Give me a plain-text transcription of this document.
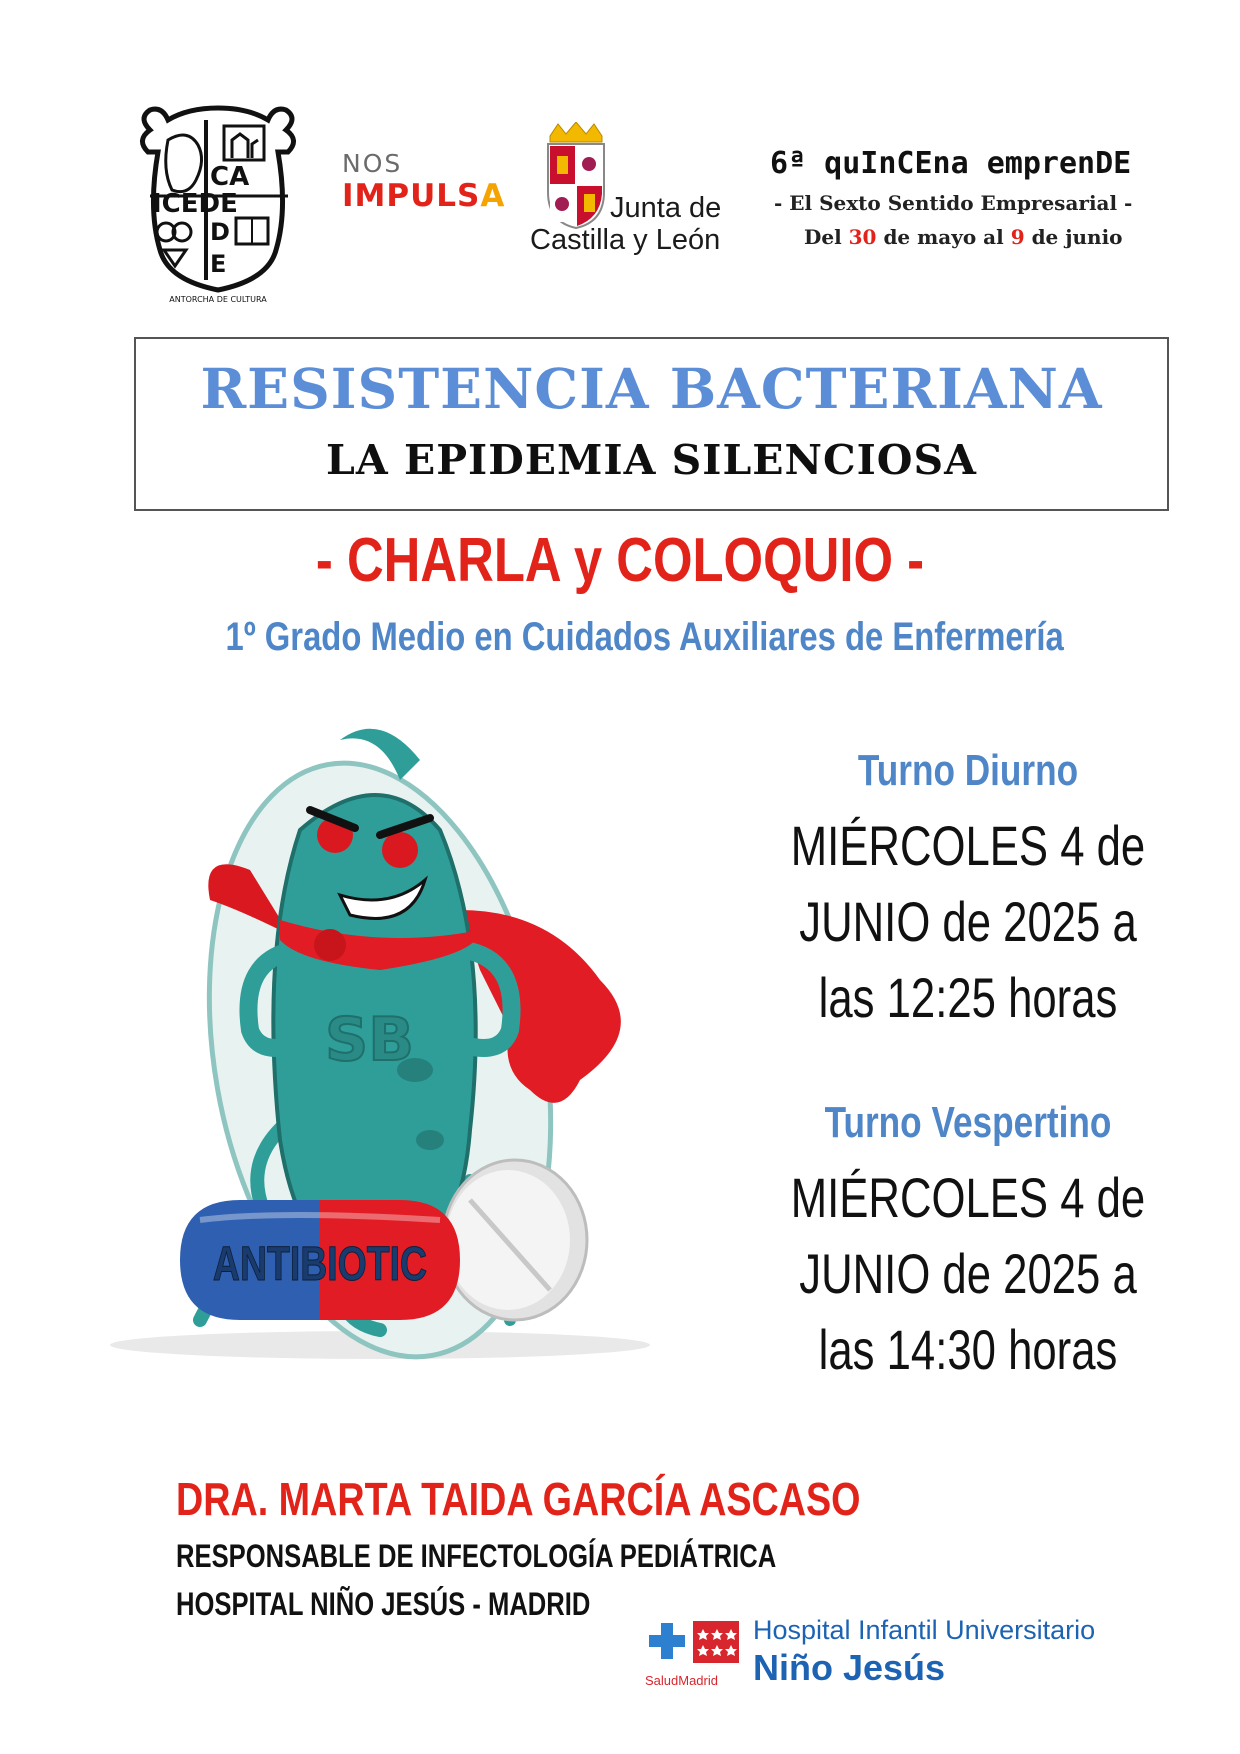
CA
ICEDE
D
E
ANTORCHA DE CULTURA
NOS
IMPULSA	Junta de
Castilla y León
6ª quInCEna emprenDE
- El Sexto Sentido Empresarial -
Del 30 de mayo al 9 de junio
RESISTENCIA BACTERIANA
LA EPIDEMIA SILENCIOSA
- CHARLA y COLOQUIO -
1º Grado Medio en Cuidados Auxiliares de Enfermería
SB
ANTIBIOTIC
Turno Diurno
MIÉRCOLES 4 de
JUNIO de 2025 a
las 12:25 horas
Turno Vespertino
MIÉRCOLES 4 de
JUNIO de 2025 a
las 14:30 horas
DRA. MARTA TAIDA GARCÍA ASCASO
RESPONSABLE DE INFECTOLOGÍA PEDIÁTRICA
HOSPITAL NIÑO JESÚS - MADRID
SaludMadrid
Hospital Infantil Universitario
Niño Jesús
